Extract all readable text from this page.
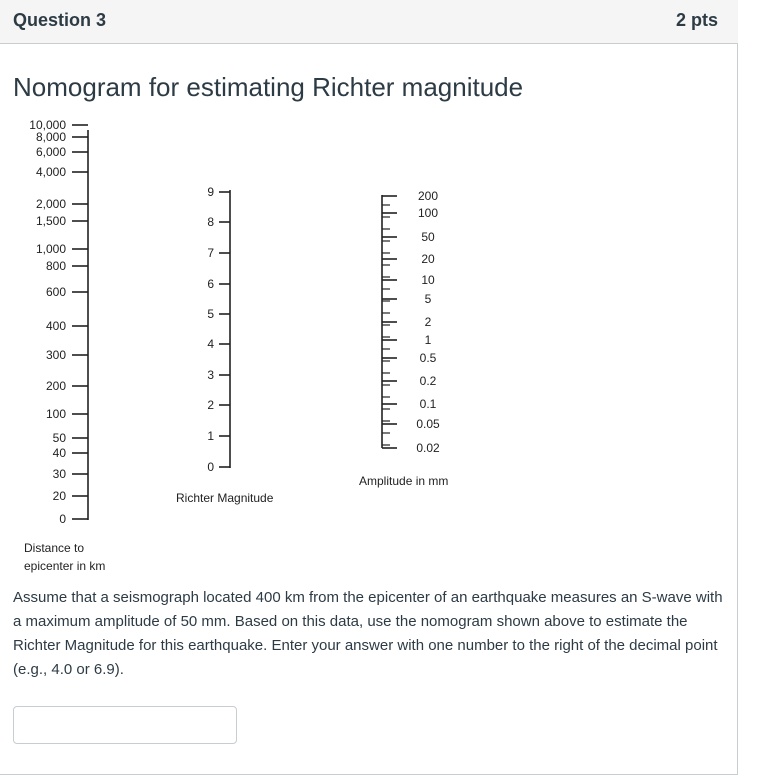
Question 3	2 pts
Nomogram for estimating Richter magnitude
10,000
8,000
6,000
4,000
2,000
1,500
1,000
800
600
400
300
200
100
50
40
30
20
0
Distance to
epicenter in km
9
8
7
6
5
4
3
2
1
0
Richter Magnitude
200
100
50
20
10
5
2
1
0.5
0.2
0.1
0.05
0.02
Amplitude in mm
Assume that a seismograph located 400 km from the epicenter of an earthquake measures an S-wave with a maximum amplitude of 50 mm. Based on this data, use the nomogram shown above to estimate the Richter Magnitude for this earthquake. Enter your answer with one number to the right of the decimal point (e.g., 4.0 or 6.9).
